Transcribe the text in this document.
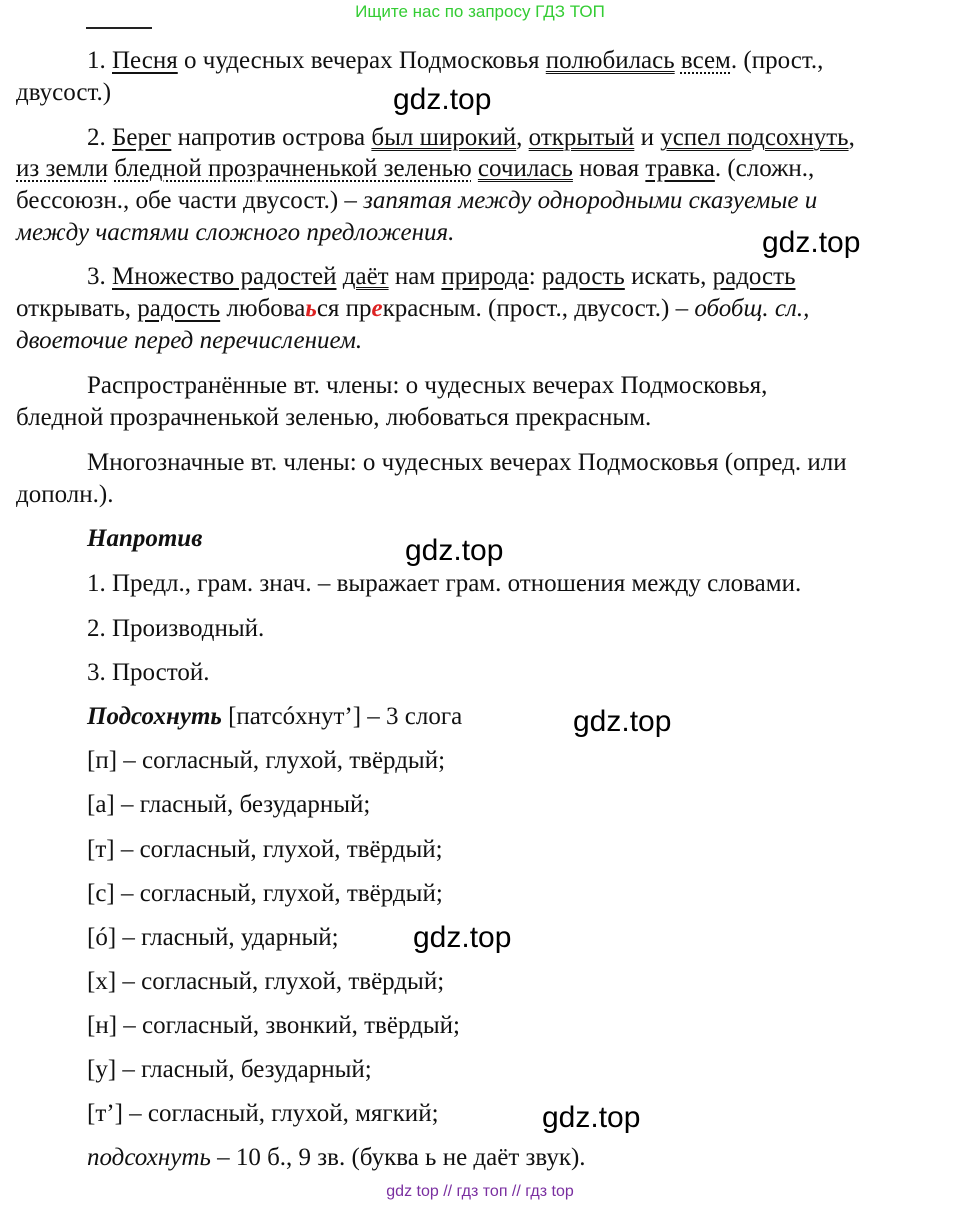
Ищите нас по запросу ГДЗ ТОП
1. Песня о чудесных вечерах Подмосковья полюбилась всем. (прост.,
двусост.)
2. Берег напротив острова был широкий, открытый и успел подсохнуть,
из земли бледной прозрачненькой зеленью сочилась новая травка. (сложн.,
бессоюзн., обе части двусост.) – запятая между однородными сказуемые и
между частями сложного предложения.
3. Множество радостей даёт нам природа: радость искать, радость
открывать, радость любоваься прекрасным. (прост., двусост.) – обобщ. сл.,
двоеточие перед перечислением.
Распространённые вт. члены: о чудесных вечерах Подмосковья,
бледной прозрачненькой зеленью, любоваться прекрасным.
Многозначные вт. члены: о чудесных вечерах Подмосковья (опред. или
дополн.).
Напротив
1. Предл., грам. знач. – выражает грам. отношения между словами.
2. Производный.
3. Простой.
Подсохнуть [патсóхнут’] – 3 слога
[п] – согласный, глухой, твёрдый;
[а] – гласный, безударный;
[т] – согласный, глухой, твёрдый;
[с] – согласный, глухой, твёрдый;
[ó] – гласный, ударный;
[х] – согласный, глухой, твёрдый;
[н] – согласный, звонкий, твёрдый;
[у] – гласный, безударный;
[т’] – согласный, глухой, мягкий;
подсохнуть – 10 б., 9 зв. (буква ь не даёт звук).
gdz.top
gdz.top
gdz.top
gdz.top
gdz.top
gdz.top
gdz top // гдз топ // гдз top
